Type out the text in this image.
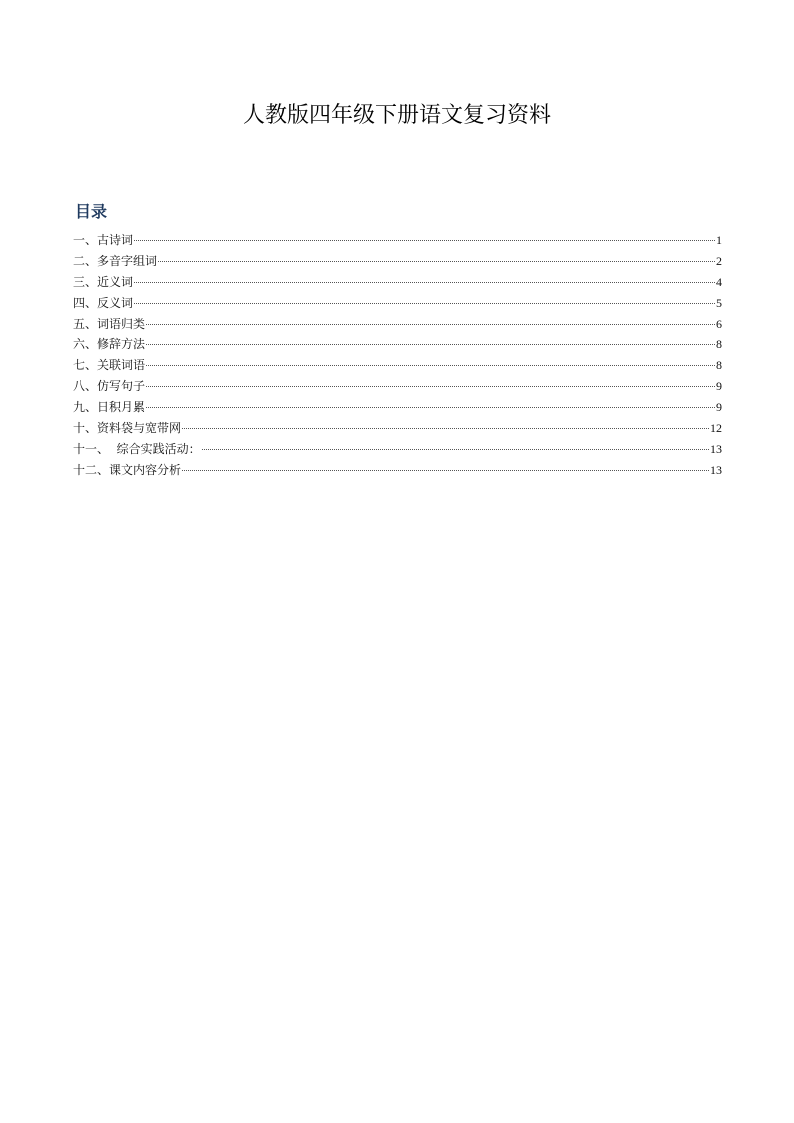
人教版四年级下册语文复习资料
目录
一、古诗词	1
二、多音字组词	2
三、近义词	4
四、反义词	5
五、词语归类	6
六、修辞方法	8
七、关联词语	8
八、仿写句子	9
九、日积月累	9
十、资料袋与宽带网	12
十一、  综合实践活动：	13
十二、课文内容分析	13
